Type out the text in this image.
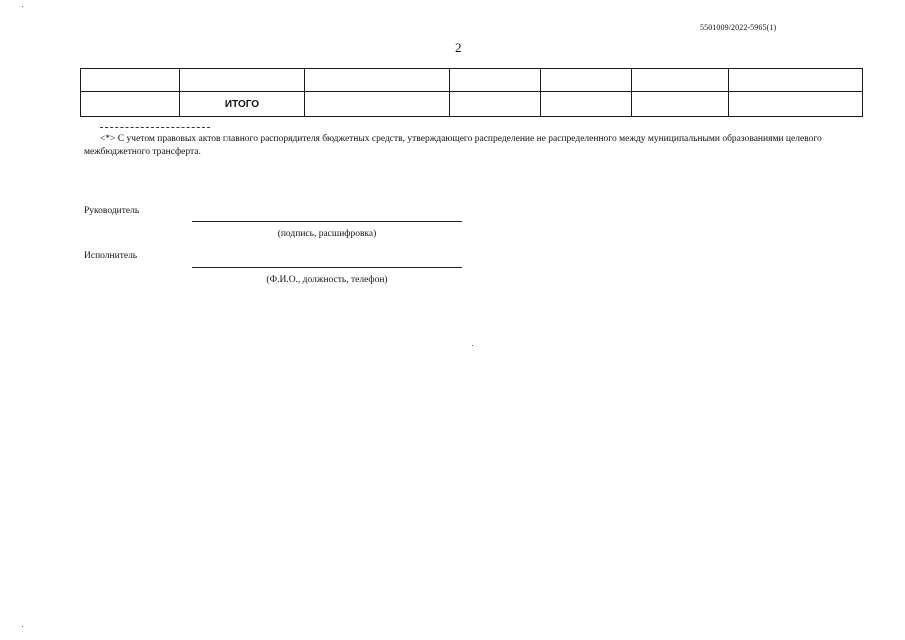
5501009/2022-5965(1)
2

	ИТОГО					
<*> С учетом правовых актов главного распорядителя бюджетных средств, утверждающего распределение не распределенного между муниципальными образованиями целевого межбюджетного трансферта.
Руководитель
(подпись, расшифровка)
Исполнитель
(Ф.И.О., должность, телефон)
